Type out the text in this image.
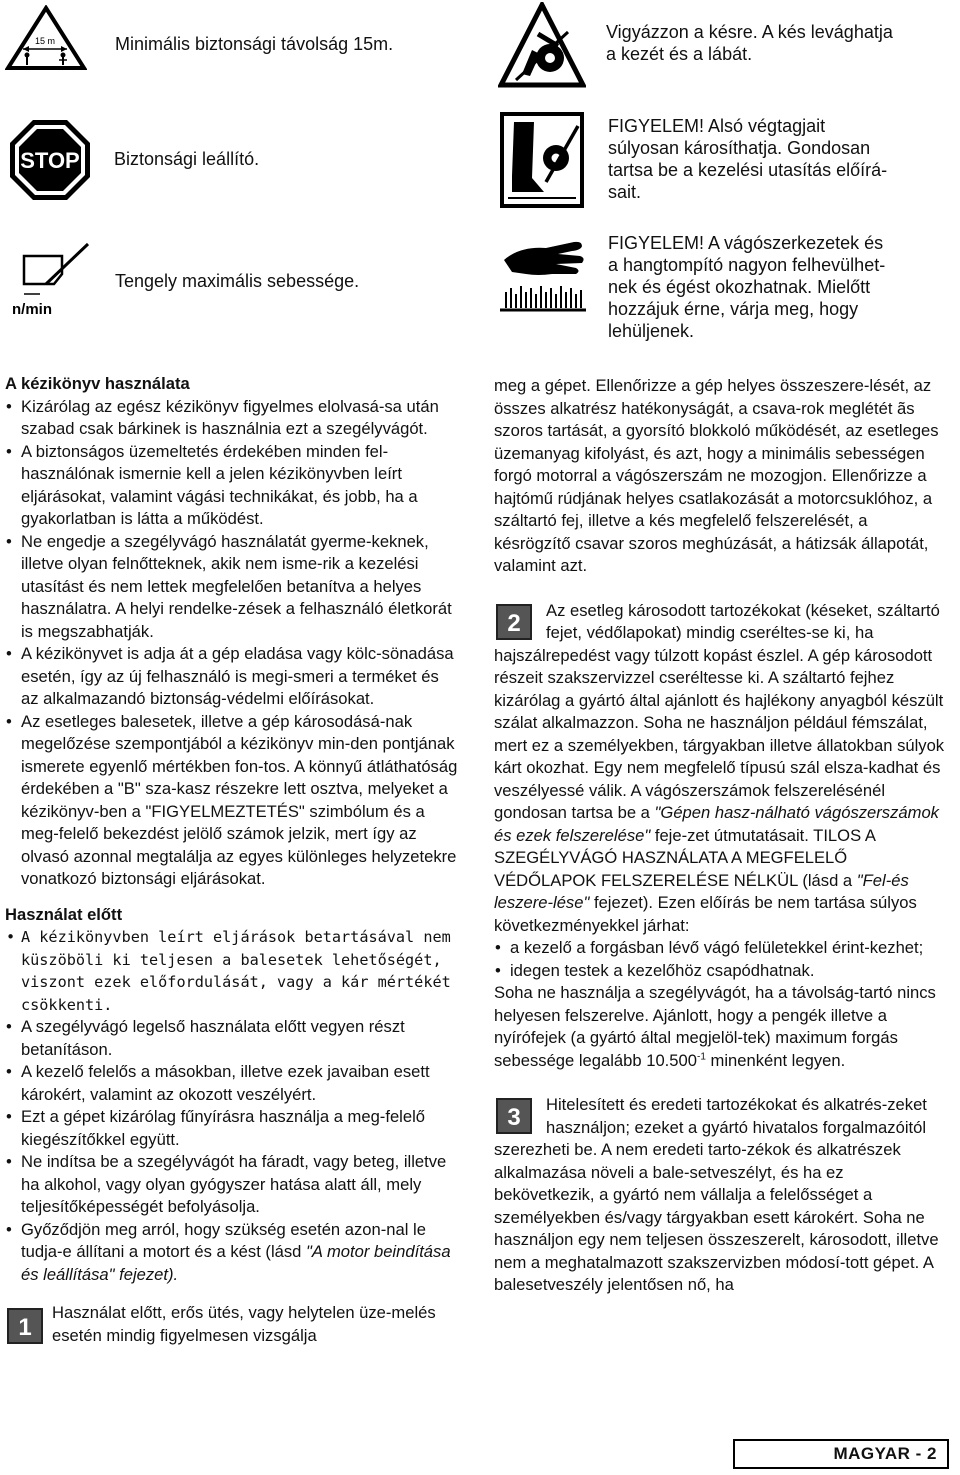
15 m	Minimális biztonsági távolság 15m.
STOP Biztonsági leállító.
n/min
Tengely maximális sebessége.
Vigyázzon a késre. A kés levághatja
a kezét és a lábát.
FIGYELEM! Alsó végtagjait
súlyosan károsíthatja. Gondosan
tartsa be a kezelési utasítás előírá-
sait.
FIGYELEM! A vágószerkezetek és
a hangtompító nagyon felhevülhet-
nek és égést okozhatnak. Mielőtt
hozzájuk érne, várja meg, hogy
lehüljenek.
A kézikönyv használata
• Kizárólag az egész kézikönyv figyelmes elolvasá-sa után szabad csak bárkinek is használnia ezt a szegélyvágót.
• A biztonságos üzemeltetés érdekében minden fel-használónak ismernie kell a jelen kézikönyvben leírt eljárásokat, valamint vágási technikákat, és jobb, ha a gyakorlatban is látta a működést.
• Ne engedje a szegélyvágó használatát gyerme-keknek, illetve olyan felnőtteknek, akik nem isme-rik a kezelési utasítást és nem lettek megfelelően betanítva a helyes használatra. A helyi rendelke-zések a felhasználó életkorát is megszabhatják.
• A kézikönyvet is adja át a gép eladása vagy kölc-sönadása esetén, így az új felhasználó is megi-smeri a terméket és az alkalmazandó biztonság-védelmi előírásokat.
• Az esetleges balesetek, illetve a gép károsodásá-nak megelőzése szempontjából a kézikönyv min-den pontjának ismerete egyenlő mértékben fon-tos. A könnyű átláthatóság érdekében a "B" sza-kasz részekre lett osztva, melyeket a kézikönyv-ben a "FIGYELMEZTETÉS" szimbólum és a meg-felelő bekezdést jelölő számok jelzik, mert így az olvasó azonnal megtalálja az egyes különleges helyzetekre vonatkozó biztonsági eljárásokat.
Használat előtt
• A kézikönyvben leírt eljárások betartásával nem küszöböli ki teljesen a balesetek lehetőségét, viszont ezek előfordulását, vagy a kár mértékét csökkenti.
• A szegélyvágó legelső használata előtt vegyen részt betanításon.
• A kezelő felelős a másokban, illetve ezek javaiban esett károkért, valamint az okozott veszélyért.
• Ezt a gépet kizárólag fűnyírásra használja a meg-felelő kiegészítőkkel együtt.
• Ne indítsa be a szegélyvágót ha fáradt, vagy beteg, illetve ha alkohol, vagy olyan gyógyszer hatása alatt áll, mely teljesítőképességét befolyásolja.
• Győződjön meg arról, hogy szükség esetén azon-nal le tudja-e állítani a motort és a kést (lásd "A motor beindítása és leállítása" fejezet).
1
Használat előtt, erős ütés, vagy helytelen üze-melés esetén mindig figyelmesen vizsgálja
meg a gépet. Ellenőrizze a gép helyes összeszere-lését, az összes alkatrész hatékonyságát, a csava-rok meglétét ãs szoros tartását, a gyorsító blokkoló működését, az esetleges üzemanyag kifolyást, és azt, hogy a minimális sebességen forgó motorral a vágószerszám ne mozogjon. Ellenőrizze a hajtómű rúdjának helyes csatlakozását a motorcsuklóhoz, a száltartó fej, illetve a kés megfelelő felszerelését, a késrögzítő csavar szoros meghúzását, a hátizsák állapotát, valamint azt.
2	Az esetleg károsodott tartozékokat (késeket, száltartó fejet, védőlapokat) mindig cseréltes-se ki, ha hajszálrepedést vagy túlzott kopást észlel. A gép károsodott részeit szakszervizzel cseréltesse ki. A száltartó fejhez kizárólag a gyártó által ajánlott és hajlékony anyagból készült szálat alkalmazzon. Soha ne használjon például fémszálat, mert ez a személyekben, tárgyakban illetve állatokban súlyok kárt okozhat. Egy nem megfelelő típusú szál elsza-kadhat és veszélyessé válik. A vágószerszámok felszerelésénél gondosan tartsa be a "Gépen hasz-nálható vágószerszámok és ezek felszerelése" feje-zet útmutatásait. TILOS A SZEGÉLYVÁGÓ HASZNÁLATA A MEGFELELŐ VÉDŐLAPOK FELSZERELÉSE NÉLKÜL (lásd a "Fel-és leszere-lése" fejezet). Ezen előírás be nem tartása súlyos következményekkel járhat:
• a kezelő a forgásban lévő vágó felületekkel érint-kezhet;
• idegen testek a kezelőhöz csapódhatnak.
Soha ne használja a szegélyvágót, ha a távolság-tartó nincs helyesen felszerelve. Ajánlott, hogy a pengék illetve a nyírófejek (a gyártó által megjelöl-tek) maximum forgás sebessége legalább $10.500^{-1}$ minenként legyen.
3	Hitelesített és eredeti tartozékokat és alkatrés-zeket használjon; ezeket a gyártó hivatalos forgalmazóitól szerezheti be. A nem eredeti tarto-zékok és alkatrészek alkalmazása növeli a bale-setveszélyt, és ha ez bekövetkezik, a gyártó nem vállalja a felelősséget a személyekben és/vagy tárgyakban esett károkért. Soha ne használjon egy nem teljesen összeszerelt, károsodott, illetve nem a meghatalmazott szakszervizben módosí-tott gépet. A balesetveszély jelentősen nő, ha
MAGYAR - 2
